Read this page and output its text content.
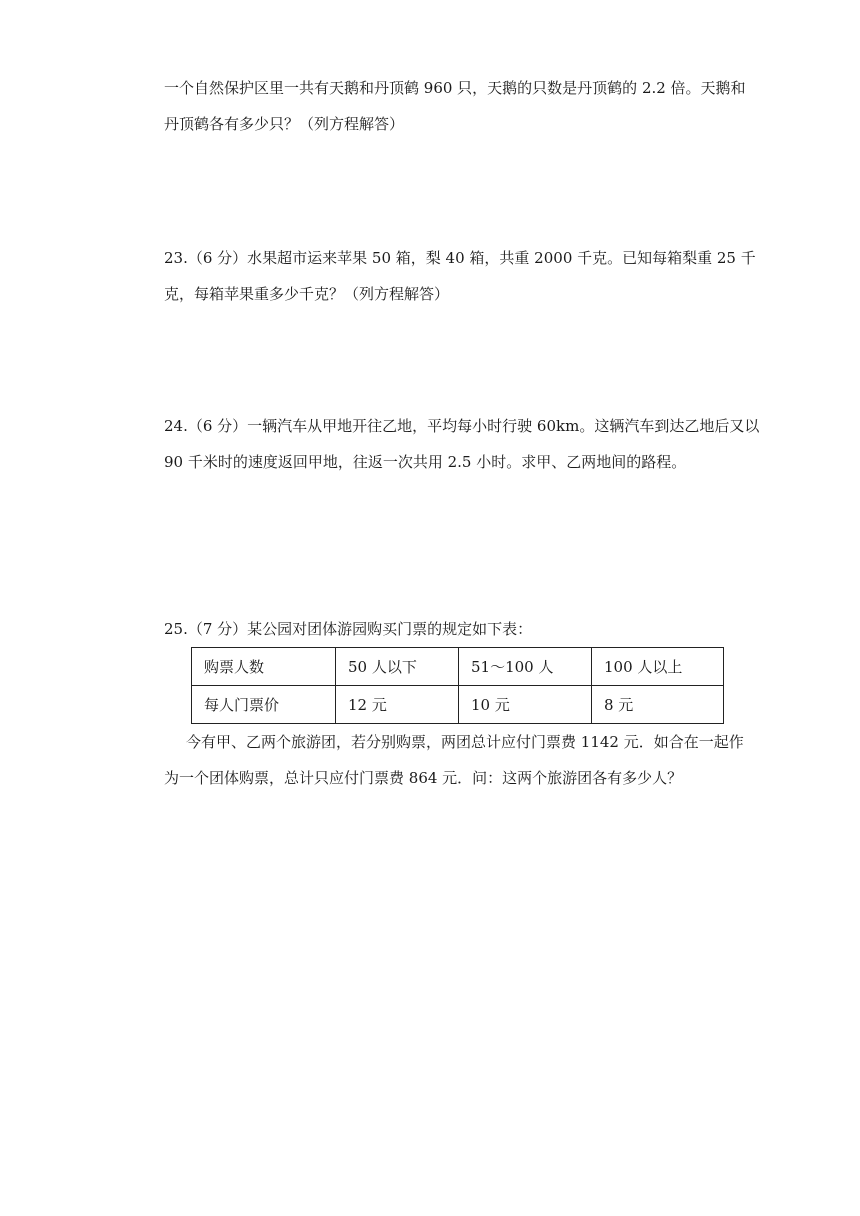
一个自然保护区里一共有天鹅和丹顶鹤 960 只，天鹅的只数是丹顶鹤的 2.2 倍。天鹅和
丹顶鹤各有多少只？（列方程解答）
23.（6 分）水果超市运来苹果 50 箱，梨 40 箱，共重 2000 千克。已知每箱梨重 25 千
克，每箱苹果重多少千克？（列方程解答）
24.（6 分）一辆汽车从甲地开往乙地，平均每小时行驶 60km。这辆汽车到达乙地后又以
90 千米时的速度返回甲地，往返一次共用 2.5 小时。求甲、乙两地间的路程。
25.（7 分）某公园对团体游园购买门票的规定如下表：
购票人数	50 人以下	51～100 人	100 人以上
每人门票价	12 元	10 元	8 元
今有甲、乙两个旅游团，若分别购票，两团总计应付门票费 1142 元．如合在一起作
为一个团体购票，总计只应付门票费 864 元．问：这两个旅游团各有多少人？
